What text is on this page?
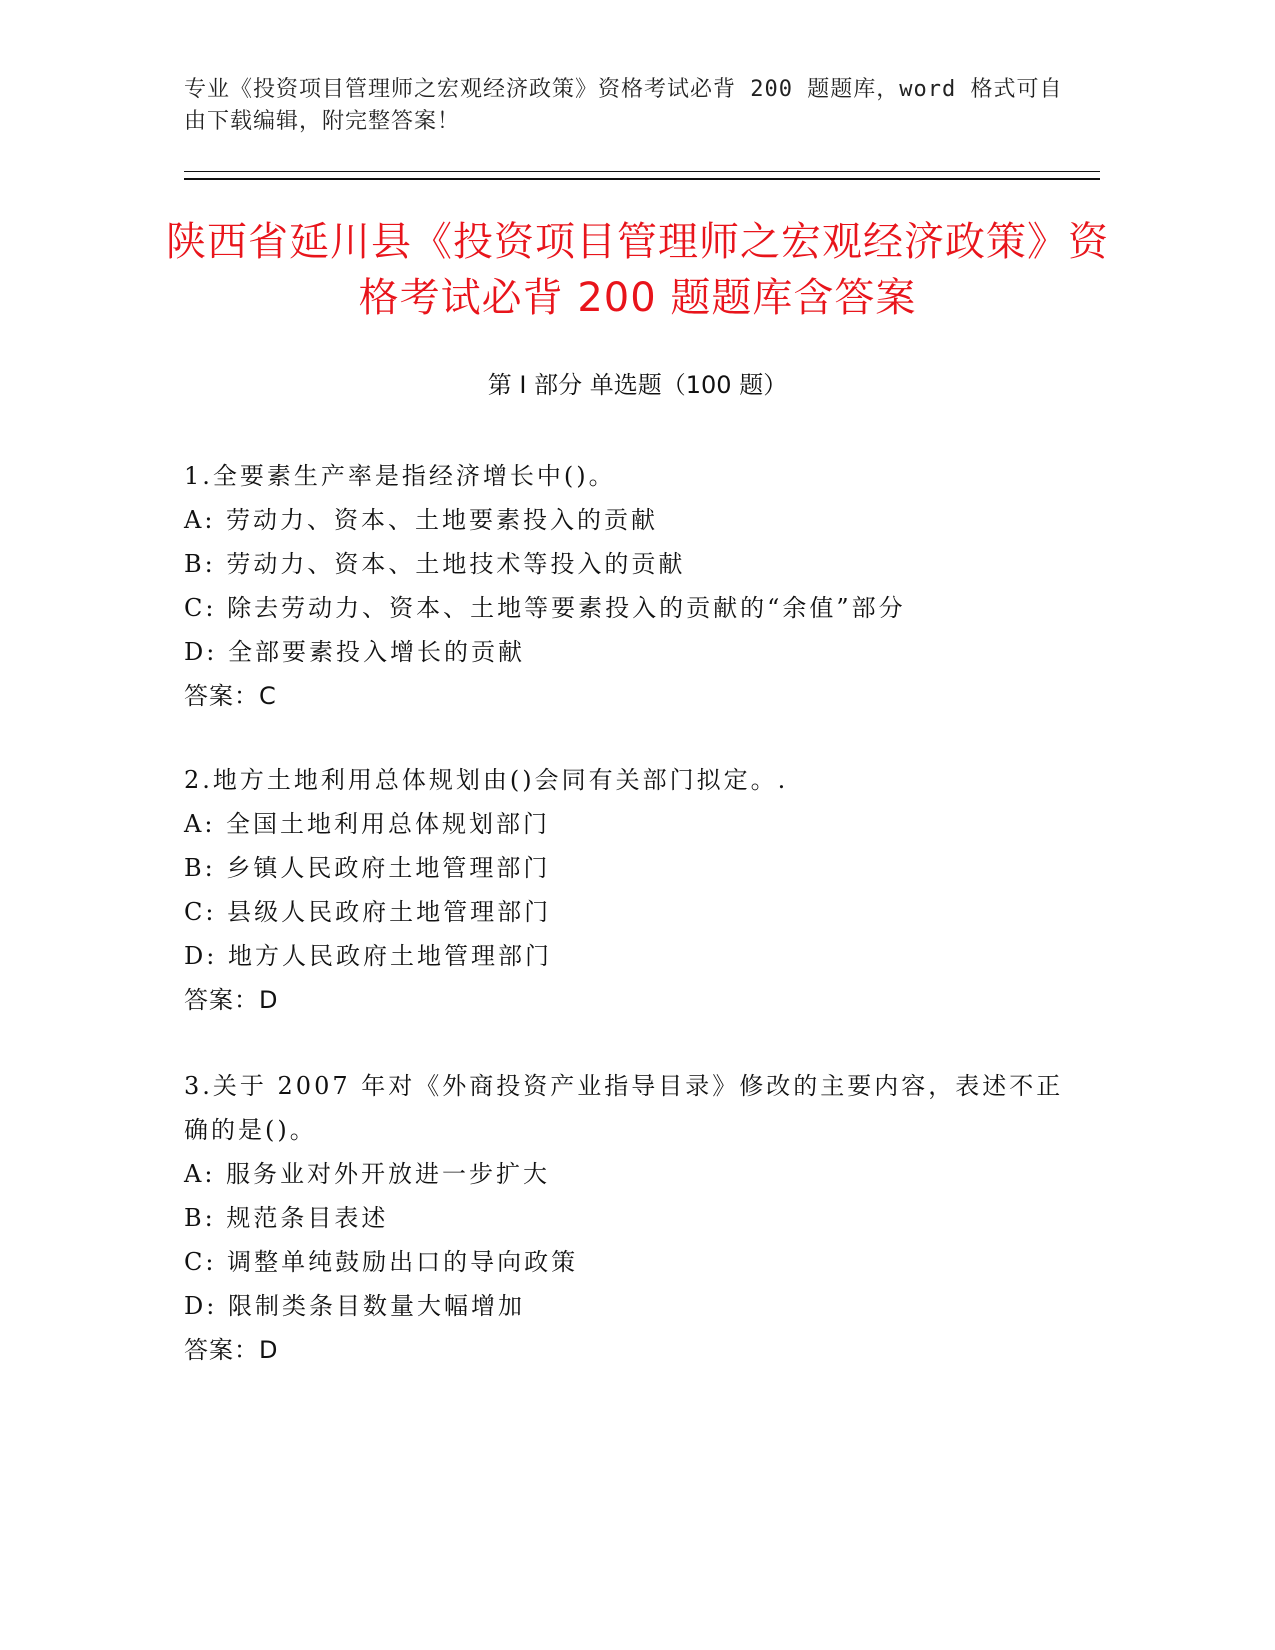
专业《投资项目管理师之宏观经济政策》资格考试必背 200 题题库，word 格式可自由下载编辑，附完整答案！
陕西省延川县《投资项目管理师之宏观经济政策》资格考试必背 200 题题库含答案
第 I 部分 单选题（100 题）
1.全要素生产率是指经济增长中()。
A: 劳动力、资本、土地要素投入的贡献
B: 劳动力、资本、土地技术等投入的贡献
C: 除去劳动力、资本、土地等要素投入的贡献的“余值”部分
D: 全部要素投入增长的贡献
答案：C
2.地方土地利用总体规划由()会同有关部门拟定。.
A: 全国土地利用总体规划部门
B: 乡镇人民政府土地管理部门
C: 县级人民政府土地管理部门
D: 地方人民政府土地管理部门
答案：D
3.关于 2007 年对《外商投资产业指导目录》修改的主要内容，表述不正确的是()。
A: 服务业对外开放进一步扩大
B: 规范条目表述
C: 调整单纯鼓励出口的导向政策
D: 限制类条目数量大幅增加
答案：D
